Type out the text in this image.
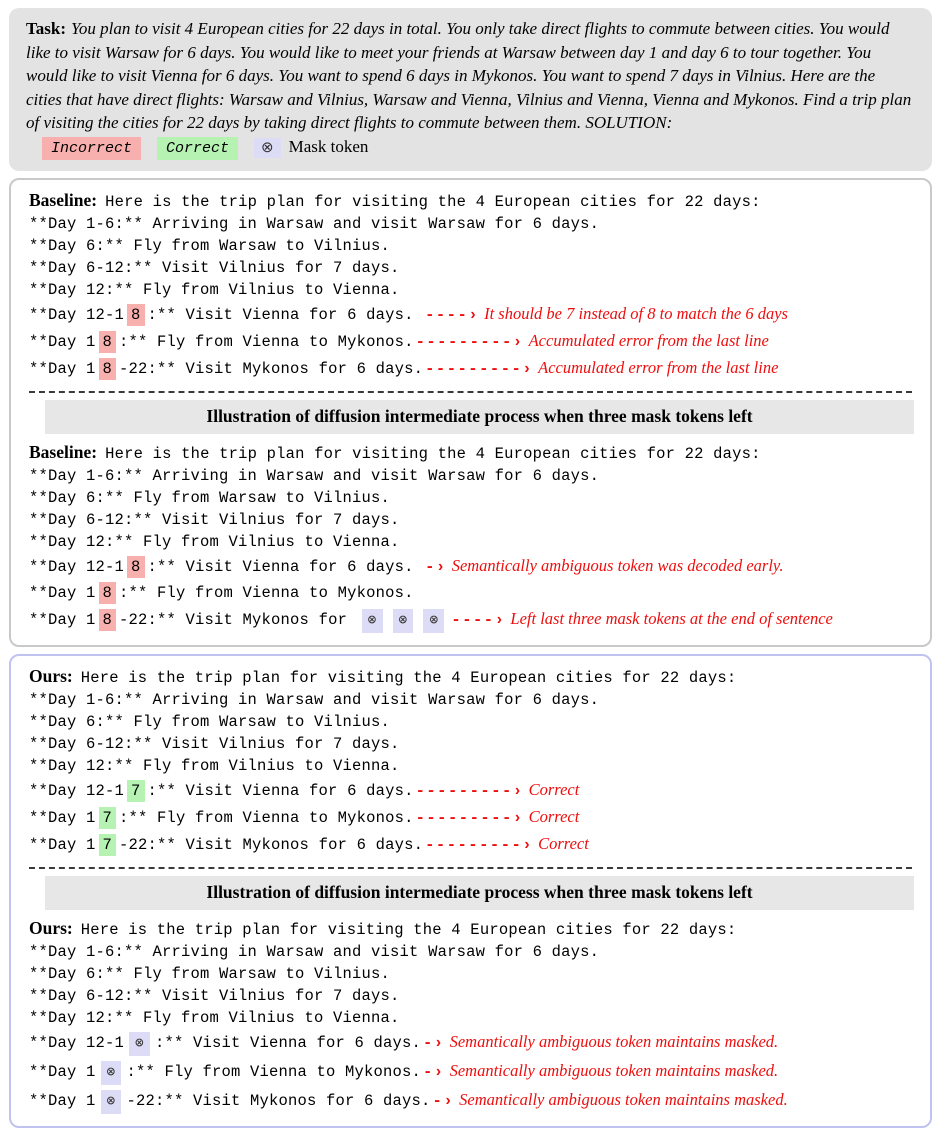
Task: You plan to visit 4 European cities for 22 days in total. You only take direct flights to commute between cities. You would like to visit Warsaw for 6 days. You would like to meet your friends at Warsaw between day 1 and day 6 to tour together. You would like to visit Vienna for 6 days. You want to spend 6 days in Mykonos. You want to spend 7 days in Vilnius. Here are the cities that have direct flights: Warsaw and Vilnius, Warsaw and Vienna, Vilnius and Vienna, Vienna and Mykonos. Find a trip plan of visiting the cities for 22 days by taking direct flights to commute between them. SOLUTION: Incorrect Correct ⊗ Mask token
Baseline: Here is the trip plan for visiting the 4 European cities for 22 days:
**Day 1-6:** Arriving in Warsaw and visit Warsaw for 6 days.
**Day 6:** Fly from Warsaw to Vilnius.
**Day 6-12:** Visit Vilnius for 7 days.
**Day 12:** Fly from Vilnius to Vienna.
**Day 12-1 8 :** Visit Vienna for 6 days. ----› It should be 7 instead of 8 to match the 6 days
**Day 1 8 :** Fly from Vienna to Mykonos. ---------› Accumulated error from the last line
**Day 1 8 -22:** Visit Mykonos for 6 days. ---------› Accumulated error from the last line
Illustration of diffusion intermediate process when three mask tokens left
Baseline: Here is the trip plan for visiting the 4 European cities for 22 days:
**Day 1-6:** Arriving in Warsaw and visit Warsaw for 6 days.
**Day 6:** Fly from Warsaw to Vilnius.
**Day 6-12:** Visit Vilnius for 7 days.
**Day 12:** Fly from Vilnius to Vienna.
**Day 12-1 8 :** Visit Vienna for 6 days. -› Semantically ambiguous token was decoded early.
**Day 1 8 :** Fly from Vienna to Mykonos.
**Day 1 8 -22:** Visit Mykonos for ⊗ ⊗ ⊗ ----› Left last three mask tokens at the end of sentence
Ours: Here is the trip plan for visiting the 4 European cities for 22 days:
**Day 1-6:** Arriving in Warsaw and visit Warsaw for 6 days.
**Day 6:** Fly from Warsaw to Vilnius.
**Day 6-12:** Visit Vilnius for 7 days.
**Day 12:** Fly from Vilnius to Vienna.
**Day 12-1 7 :** Visit Vienna for 6 days. ---------› Correct
**Day 1 7 :** Fly from Vienna to Mykonos. ---------› Correct
**Day 1 7 -22:** Visit Mykonos for 6 days. ---------› Correct
Illustration of diffusion intermediate process when three mask tokens left
Ours: Here is the trip plan for visiting the 4 European cities for 22 days:
**Day 1-6:** Arriving in Warsaw and visit Warsaw for 6 days.
**Day 6:** Fly from Warsaw to Vilnius.
**Day 6-12:** Visit Vilnius for 7 days.
**Day 12:** Fly from Vilnius to Vienna.
**Day 12-1 ⊗ :** Visit Vienna for 6 days. -› Semantically ambiguous token maintains masked.
**Day 1 ⊗ :** Fly from Vienna to Mykonos. -› Semantically ambiguous token maintains masked.
**Day 1 ⊗ -22:** Visit Mykonos for 6 days. -› Semantically ambiguous token maintains masked.
